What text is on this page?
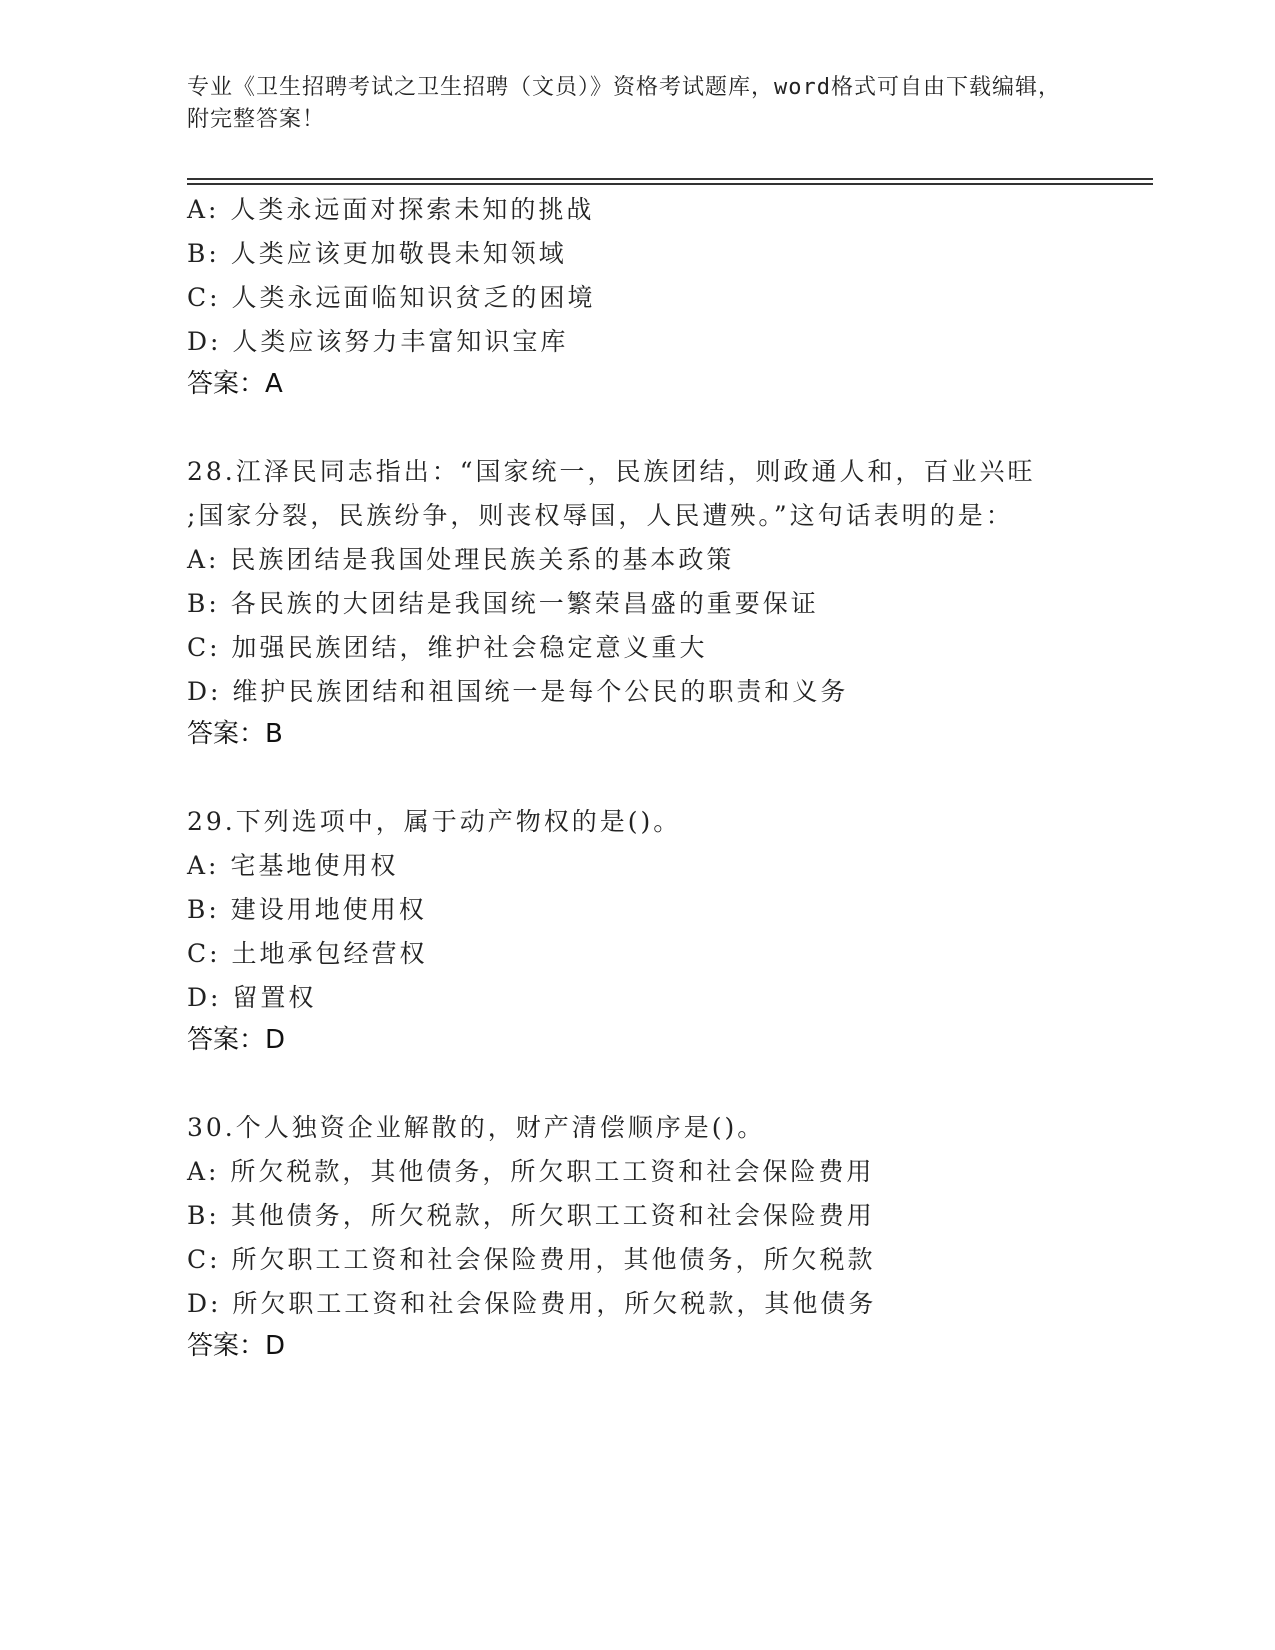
专业《卫生招聘考试之卫生招聘（文员）》资格考试题库，word格式可自由下载编辑，附完整答案！
A: 人类永远面对探索未知的挑战
B: 人类应该更加敬畏未知领域
C: 人类永远面临知识贫乏的困境
D: 人类应该努力丰富知识宝库
答案：A
28.江泽民同志指出：“国家统一，民族团结，则政通人和，百业兴旺
;国家分裂，民族纷争，则丧权辱国，人民遭殃。”这句话表明的是：
A: 民族团结是我国处理民族关系的基本政策
B: 各民族的大团结是我国统一繁荣昌盛的重要保证
C: 加强民族团结，维护社会稳定意义重大
D: 维护民族团结和祖国统一是每个公民的职责和义务
答案：B
29.下列选项中，属于动产物权的是()。
A: 宅基地使用权
B: 建设用地使用权
C: 土地承包经营权
D: 留置权
答案：D
30.个人独资企业解散的，财产清偿顺序是()。
A: 所欠税款，其他债务，所欠职工工资和社会保险费用
B: 其他债务，所欠税款，所欠职工工资和社会保险费用
C: 所欠职工工资和社会保险费用，其他债务，所欠税款
D: 所欠职工工资和社会保险费用，所欠税款，其他债务
答案：D
